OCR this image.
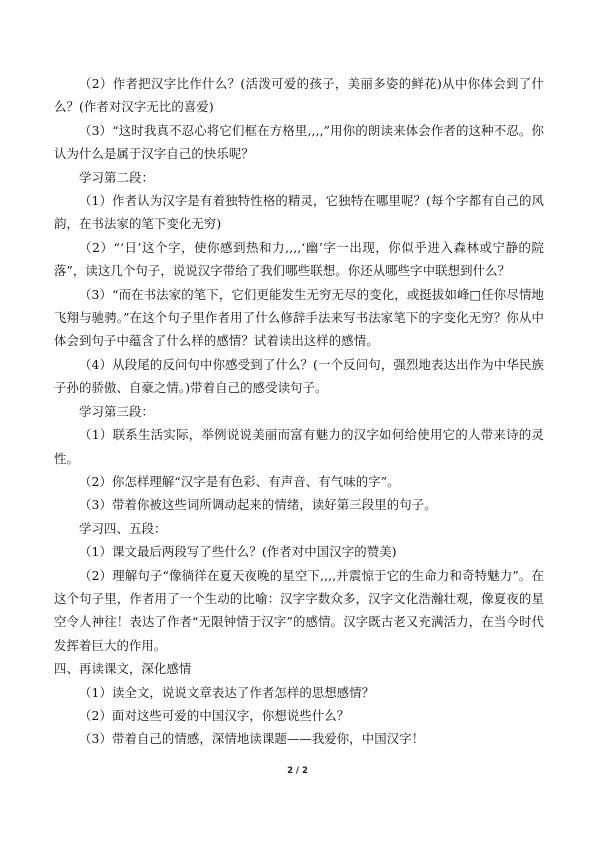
（2）作者把汉字比作什么？(活泼可爱的孩子，美丽多姿的鲜花)从中你体会到了什么？(作者对汉字无比的喜爱)

（3）“这时我真不忍心将它们框在方格里,,,,”用你的朗读来体会作者的这种不忍。你认为什么是属于汉字自己的快乐呢？

学习第二段：

（1）作者认为汉字是有着独特性格的精灵，它独特在哪里呢？(每个字都有自己的风韵，在书法家的笔下变化无穷)

（2）“‘日’这个字，使你感到热和力,,,,‘幽’字一出现，你似乎进入森林或宁静的院落”，读这几个句子，说说汉字带给了我们哪些联想。你还从哪些字中联想到什么？

（3）“而在书法家的笔下，它们更能发生无穷无尽的变化，或挺拔如峰□任你尽情地飞翔与驰骋。”在这个句子里作者用了什么修辞手法来写书法家笔下的字变化无穷？你从中体会到句子中蕴含了什么样的感情？试着读出这样的感情。

（4）从段尾的反问句中你感受到了什么？(一个反问句，强烈地表达出作为中华民族子孙的骄傲、自豪之情。)带着自己的感受读句子。

学习第三段：

（1）联系生活实际，举例说说美丽而富有魅力的汉字如何给使用它的人带来诗的灵性。

（2）你怎样理解“汉字是有色彩、有声音、有气味的字”。

（3）带着你被这些词所调动起来的情绪，读好第三段里的句子。

学习四、五段：

（1）课文最后两段写了些什么？(作者对中国汉字的赞美)

（2）理解句子“像徜徉在夏天夜晚的星空下,,,,并震惊于它的生命力和奇特魅力”。在这个句子里，作者用了一个生动的比喻：汉字字数众多，汉字文化浩瀚壮观，像夏夜的星空令人神往！表达了作者“无限钟情于汉字”的感情。汉字既古老又充满活力，在当今时代发挥着巨大的作用。

四、再读课文，深化感情

（1）读全文，说说文章表达了作者怎样的思想感情？

（2）面对这些可爱的中国汉字，你想说些什么？

（3）带着自己的情感，深情地读课题——我爱你，中国汉字！

2 / 2
